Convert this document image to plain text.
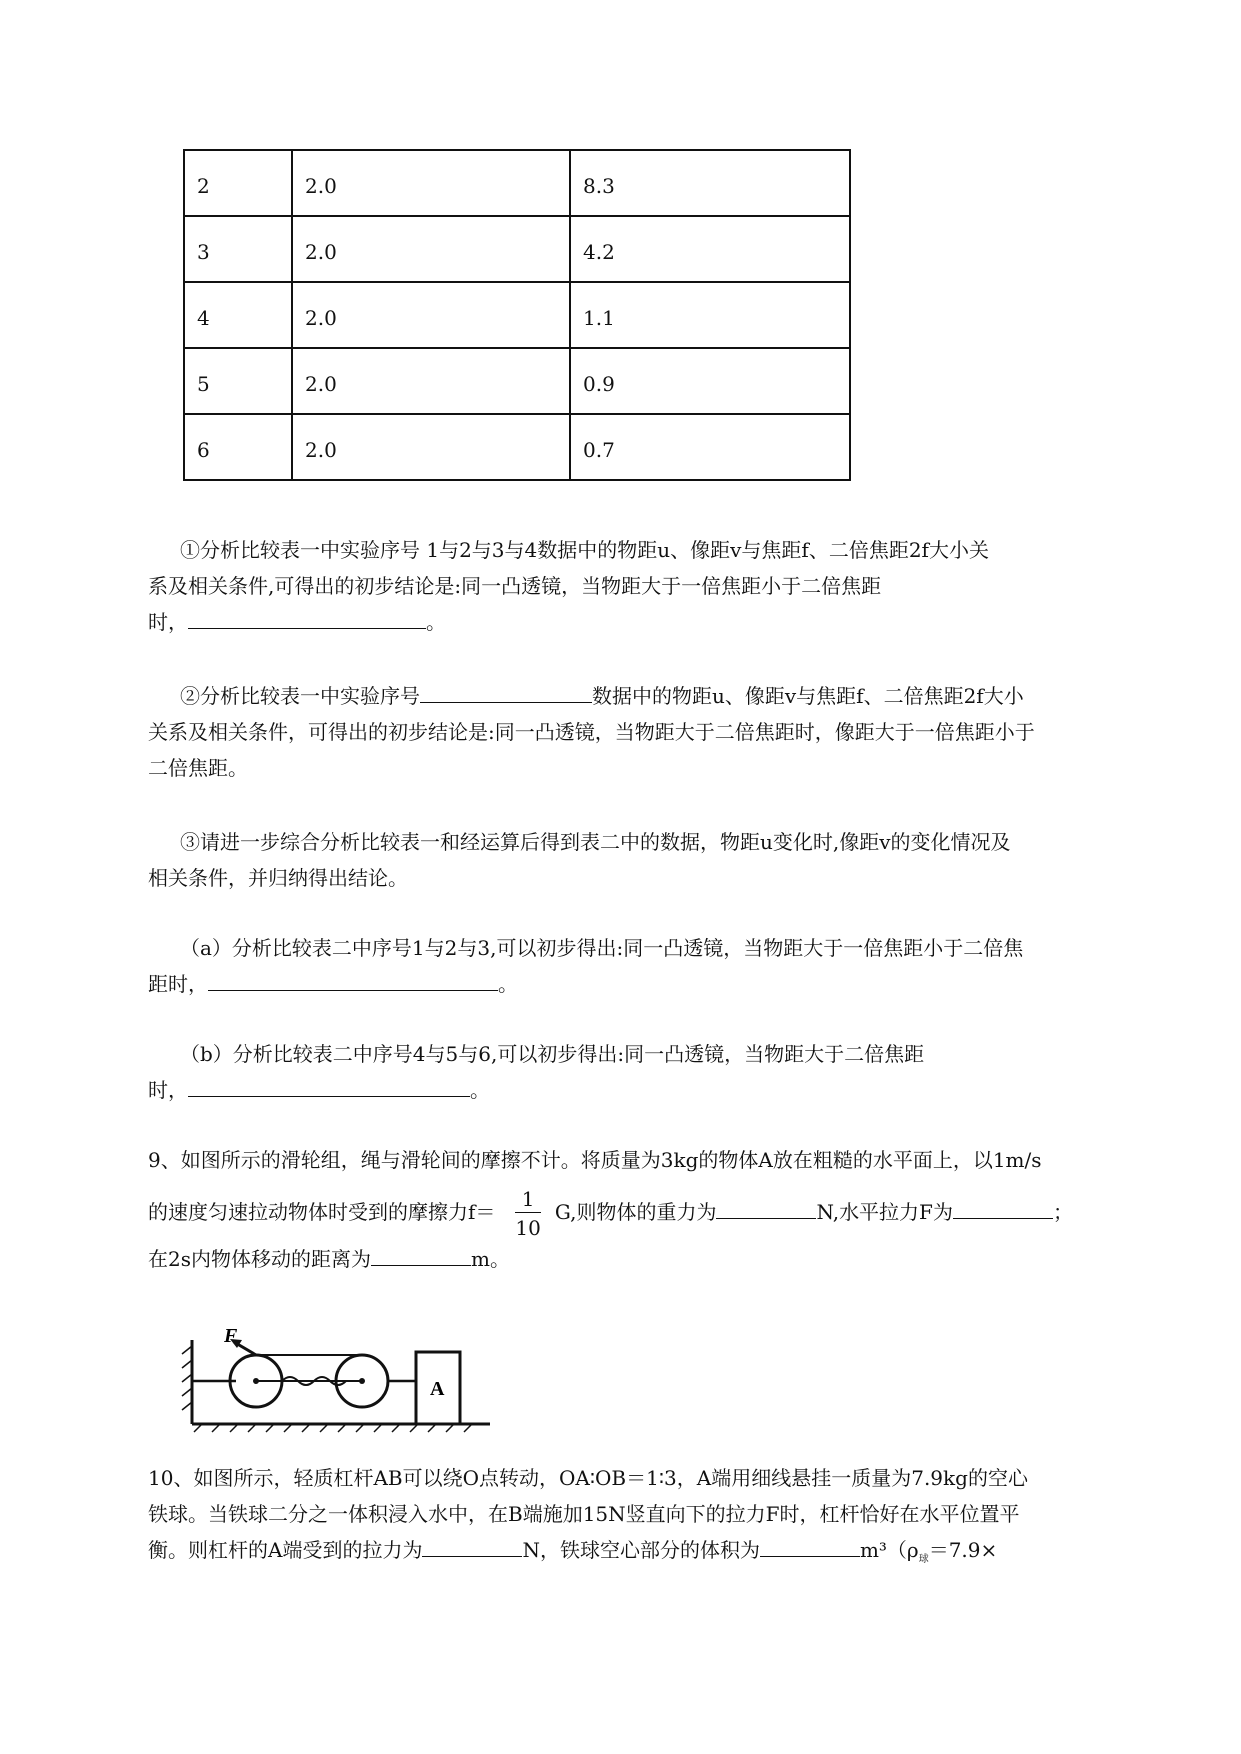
2	2.0	8.3
3	2.0	4.2
4	2.0	1.1
5	2.0	0.9
6	2.0	0.7
①分析比较表一中实验序号 1与2与3与4数据中的物距u、像距v与焦距f、二倍焦距2f大小关
系及相关条件,可得出的初步结论是:同一凸透镜，当物距大于一倍焦距小于二倍焦距
时，	。
②分析比较表一中实验序号	数据中的物距u、像距v与焦距f、二倍焦距2f大小
关系及相关条件，可得出的初步结论是:同一凸透镜，当物距大于二倍焦距时，像距大于一倍焦距小于
二倍焦距。
③请进一步综合分析比较表一和经运算后得到表二中的数据，物距u变化时,像距v的变化情况及
相关条件，并归纳得出结论。
（a）分析比较表二中序号1与2与3,可以初步得出:同一凸透镜，当物距大于一倍焦距小于二倍焦
距时，	。
（b）分析比较表二中序号4与5与6,可以初步得出:同一凸透镜，当物距大于二倍焦距
时，	。
9、如图所示的滑轮组，绳与滑轮间的摩擦不计。将质量为3kg的物体A放在粗糙的水平面上，以1m/s
的速度匀速拉动物体时受到的摩擦力$f= \frac{1}{10} G$,则物体的重力为	N,水平拉力F为	；
在2s内物体移动的距离为	m。
F
A
10、如图所示，轻质杠杆AB可以绕O点转动，OA∶OB＝1∶3，A端用细线悬挂一质量为7.9kg的空心
铁球。当铁球二分之一体积浸入水中，在B端施加15N竖直向下的拉力F时，杠杆恰好在水平位置平
衡。则杠杆的A端受到的拉力为	N，铁球空心部分的体积为	$m^3(\rho_球=7.9\times$
